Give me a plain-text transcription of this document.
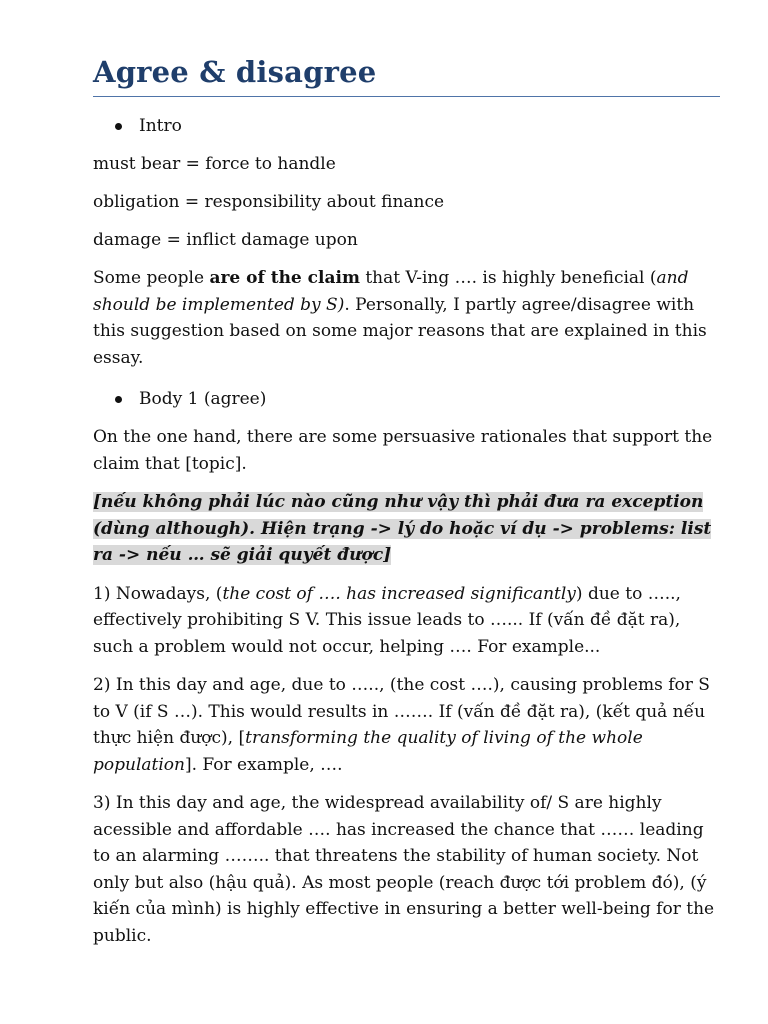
Agree & disagree
Intro

must bear = force to handle

obligation = responsibility about finance

damage = inflict damage upon

Some people are of the claim that V-ing …. is highly beneficial (and should be implemented by S). Personally, I partly agree/disagree with this suggestion based on some major reasons that are explained in this essay.

Body 1 (agree)

On the one hand, there are some persuasive rationales that support the claim that [topic].

[nếu không phải lúc nào cũng như vậy thì phải đưa ra exception (dùng although). Hiện trạng -> lý do hoặc ví dụ -> problems: list ra -> nếu … sẽ giải quyết được]

1) Nowadays, (the cost of …. has increased significantly) due to ….., effectively prohibiting S V. This issue leads to …... If (vấn đề đặt ra), such a problem would not occur, helping …. For example...

2) In this day and age, due to ….., (the cost ….), causing problems for S to V (if S …). This would results in ……. If (vấn đề đặt ra), (kết quả nếu thực hiện được), [transforming the quality of living of the whole population]. For example, ….

3) In this day and age, the widespread availability of/ S are highly acessible and affordable …. has increased the chance that …… leading to an alarming …….. that threatens the stability of human society. Not only but also (hậu quả). As most people (reach được tới problem đó), (ý kiến của mình) is highly effective in ensuring a better well-being for the public.
